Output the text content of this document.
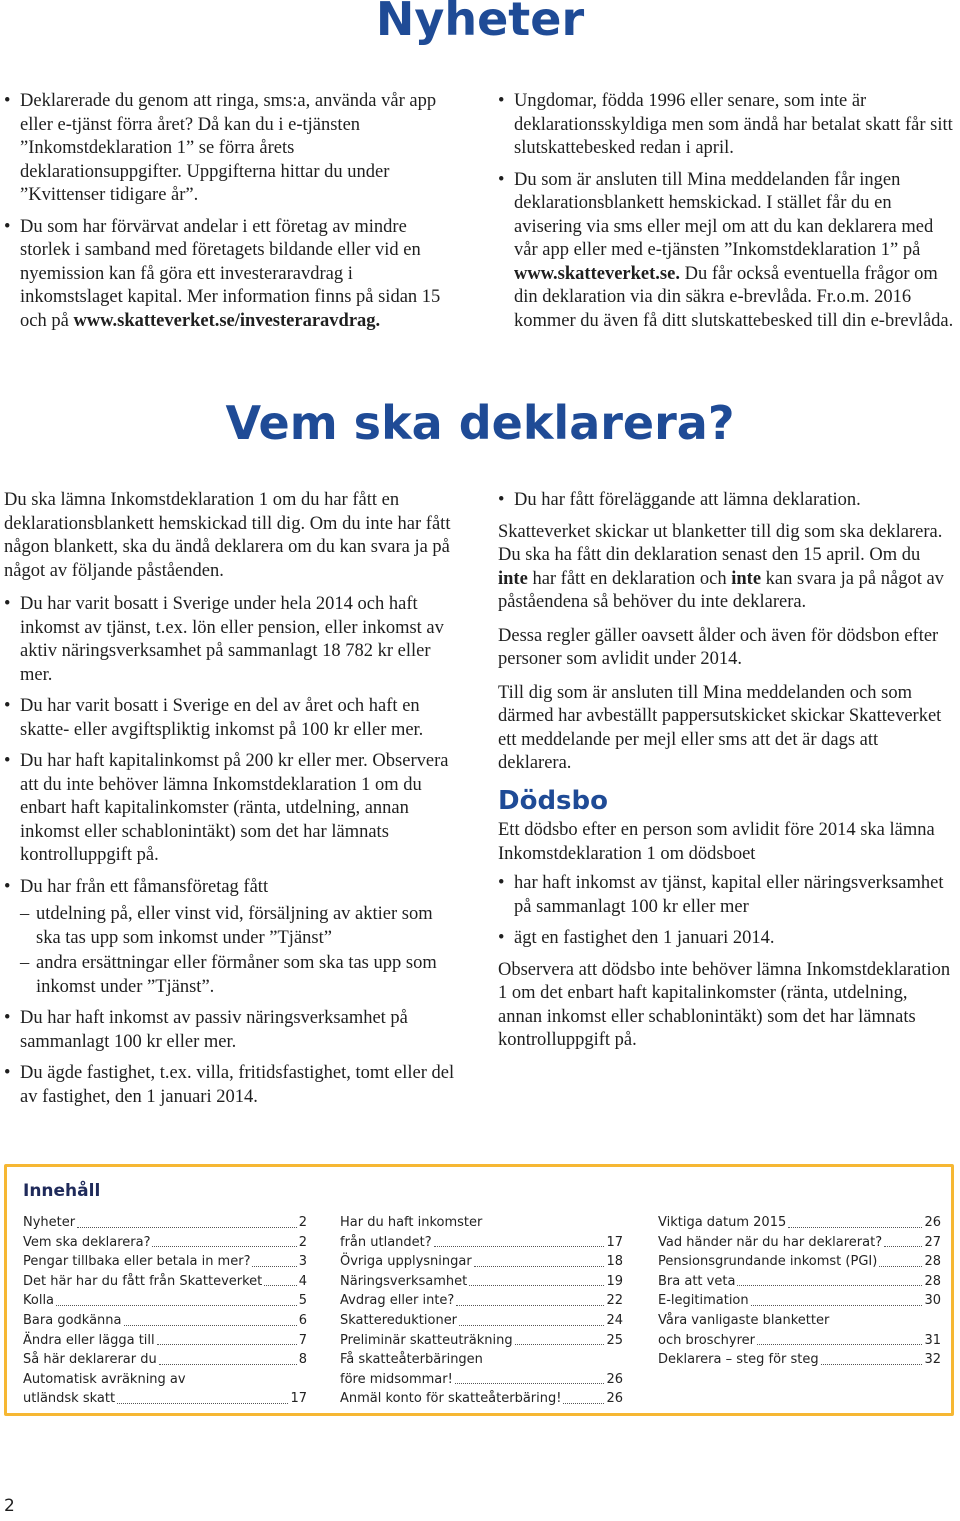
Nyheter
• Deklarerade du genom att ringa, sms:a, använda vår app eller e-tjänst förra året? Då kan du i e-tjänsten ”Inkomstdeklaration 1” se förra årets deklarationsuppgifter. Uppgifterna hittar du under ”Kvittenser tidigare år”.
• Du som har förvärvat andelar i ett företag av mindre storlek i samband med företagets bildande eller vid en nyemission kan få göra ett investeraravdrag i inkomstslaget kapital. Mer information finns på sidan 15 och på www.skatteverket.se/investeraravdrag.
• Ungdomar, födda 1996 eller senare, som inte är deklarationsskyldiga men som ändå har betalat skatt får sitt slutskattebesked redan i april.
• Du som är ansluten till Mina meddelanden får ingen deklarationsblankett hemskickad. I stället får du en avisering via sms eller mejl om att du kan deklarera med vår app eller med e-tjänsten ”Inkomstdeklaration 1” på www.skatteverket.se. Du får också eventuella frågor om din deklaration via din säkra e-brevlåda. Fr.o.m. 2016 kommer du även få ditt slutskattebesked till din e-brevlåda.
Vem ska deklarera?

Du ska lämna Inkomstdeklaration 1 om du har fått en deklarationsblankett hemskickad till dig. Om du inte har fått någon blankett, ska du ändå deklarera om du kan svara ja på något av följande påståenden.

• Du har varit bosatt i Sverige under hela 2014 och haft inkomst av tjänst, t.ex. lön eller pension, eller inkomst av aktiv näringsverksamhet på sammanlagt 18 782 kr eller mer.
• Du har varit bosatt i Sverige en del av året och haft en skatte- eller avgiftspliktig inkomst på 100 kr eller mer.
• Du har haft kapitalinkomst på 200 kr eller mer. Observera att du inte behöver lämna Inkomstdeklaration 1 om du enbart haft kapitalinkomster (ränta, utdelning, annan inkomst eller schablonintäkt) som det har lämnats kontrolluppgift på.
• Du har från ett fåmansföretag fått
– utdelning på, eller vinst vid, försäljning av aktier som ska tas upp som inkomst under ”Tjänst”
– andra ersättningar eller förmåner som ska tas upp som inkomst under ”Tjänst”.
• Du har haft inkomst av passiv näringsverksamhet på sammanlagt 100 kr eller mer.
• Du ägde fastighet, t.ex. villa, fritidsfastighet, tomt eller del av fastighet, den 1 januari 2014.
• Du har fått föreläggande att lämna deklaration.

Skatteverket skickar ut blanketter till dig som ska deklarera. Du ska ha fått din deklaration senast den 15 april. Om du inte har fått en deklaration och inte kan svara ja på något av påståendena så behöver du inte deklarera.

Dessa regler gäller oavsett ålder och även för dödsbon efter personer som avlidit under 2014.

Till dig som är ansluten till Mina meddelanden och som därmed har avbeställt pappersutskicket skickar Skatteverket ett meddelande per mejl eller sms att det är dags att deklarera.

Dödsbo

Ett dödsbo efter en person som avlidit före 2014 ska lämna Inkomstdeklaration 1 om dödsboet

• har haft inkomst av tjänst, kapital eller näringsverksamhet på sammanlagt 100 kr eller mer
• ägt en fastighet den 1 januari 2014.

Observera att dödsbo inte behöver lämna Inkomstdeklaration 1 om det enbart haft kapitalinkomster (ränta, utdelning, annan inkomst eller schablonintäkt) som det har lämnats kontrolluppgift på.

Innehåll
Nyheter	2
Vem ska deklarera?	2
Pengar tillbaka eller betala in mer?	3
Det här har du fått från Skatteverket	4
Kolla	5
Bara godkänna	6
Ändra eller lägga till	7
Så här deklarerar du	8
Automatisk avräkning av
utländsk skatt	17
Har du haft inkomster
från utlandet?	17
Övriga upplysningar	18
Näringsverksamhet	19
Avdrag eller inte?	22
Skattereduktioner	24
Preliminär skatteuträkning	25
Få skatteåterbäringen
före midsommar!	26
Anmäl konto för skatteåterbäring!	26
Viktiga datum 2015	26
Vad händer när du har deklarerat?	27
Pensionsgrundande inkomst (PGI)	28
Bra att veta	28
E-legitimation	30
Våra vanligaste blanketter
och broschyrer	31
Deklarera – steg för steg	32
2
